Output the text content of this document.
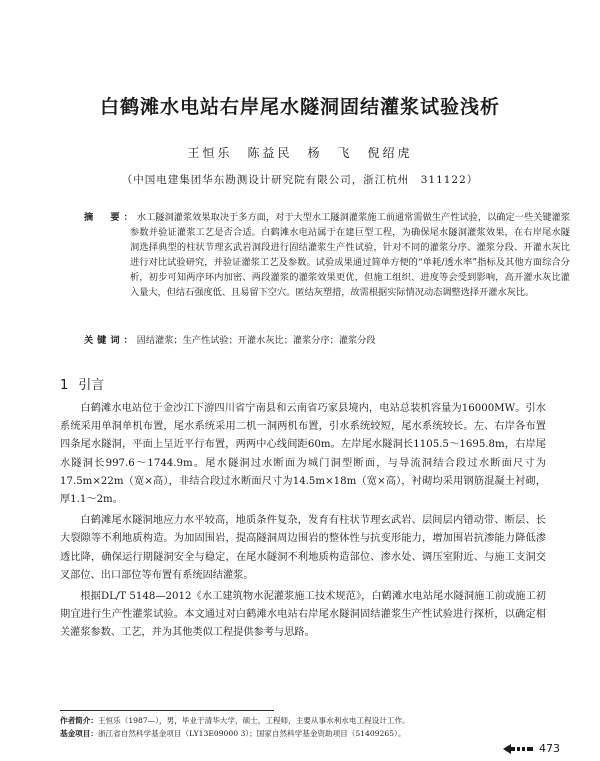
白鹤滩水电站右岸尾水隧洞固结灌浆试验浅析
王恒乐　陈益民　杨　飞　倪绍虎
（中国电建集团华东勘测设计研究院有限公司，浙江杭州　311122）
摘　要：水工隧洞灌浆效果取决于多方面，对于大型水工隧洞灌浆施工前通常需做生产性试验，以确定一些关键灌浆参数并验证灌浆工艺是否合适。白鹤滩水电站属于在建巨型工程，为确保尾水隧洞灌浆效果，在右岸尾水隧洞选择典型的柱状节理玄武岩洞段进行固结灌浆生产性试验，针对不同的灌浆分序、灌浆分段、开灌水灰比进行对比试验研究，并验证灌浆工艺及参数。试验成果通过简单方便的“单耗/透水率”指标及其他方面综合分析，初步可知两序环内加密、两段灌浆的灌浆效果更优，但施工组织、进度等会受到影响，高开灌水灰比灌入量大，但结石强度低、且易留下空穴。匿结灰塑措，故需根据实际情况动态调整选择开灌水灰比。
关键词：固结灌浆；生产性试验；开灌水灰比；灌浆分序；灌浆分段
1 引言

白鹤滩水电站位于金沙江下游四川省宁南县和云南省巧家县境内，电站总装机容量为16000MW。引水系统采用单洞单机布置，尾水系统采用二机一洞两机布置，引水系统较短，尾水系统较长。左、右岸各布置四条尾水隧洞，平面上呈近平行布置，两两中心线间距60m。左岸尾水隧洞长1105.5～1695.8m，右岸尾水隧洞长997.6～1744.9m。尾水隧洞过水断面为城门洞型断面，与导流洞结合段过水断面尺寸为17.5m×22m（宽×高），非结合段过水断面尺寸为14.5m×18m（宽×高），衬砌均采用钢筋混凝土衬砌，厚1.1～2m。

白鹤滩尾水隧洞地应力水平较高，地质条件复杂，发育有柱状节理玄武岩、层间层内错动带、断层、长大裂隙等不利地质构造。为加固围岩，提高隧洞周边围岩的整体性与抗变形能力，增加围岩抗渗能力降低渗透比降，确保运行期隧洞安全与稳定，在尾水隧洞不利地质构造部位、渗水处、调压室附近、与施工支洞交叉部位、出口部位等布置有系统固结灌浆。

根据DL/T 5148—2012《水工建筑物水泥灌浆施工技术规范》，白鹤滩水电站尾水隧洞施工前或施工初期宜进行生产性灌浆试验。本文通过对白鹤滩水电站右岸尾水隧洞固结灌浆生产性试验进行探析，以确定相关灌浆参数、工艺，并为其他类似工程提供参考与思路。

作者简介：王恒乐（1987—），男，毕业于清华大学，硕士，工程师，主要从事水利水电工程设计工作。
基金项目：浙江省自然科学基金项目（LY13E09000 3）；国家自然科学基金资助项目（51409265）。
473
